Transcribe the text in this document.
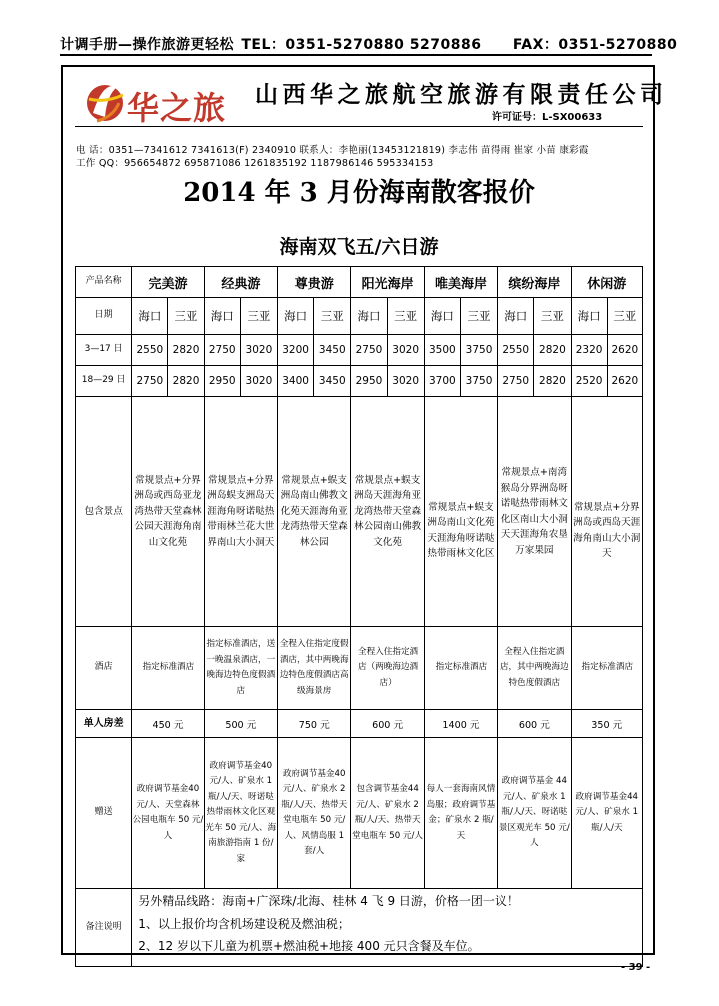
计调手册—操作旅游更轻松 TEL：0351-5270880 5270886 FAX：0351-5270880
华之旅 山西华之旅航空旅游有限责任公司
许可证号：L-SX00633
电 话：0351—7341612 7341613(F) 2340910 联系人：李艳丽(13453121819) 李志伟 苗得雨 崔家 小苗 康彩霞
工作 QQ：956654872 695871086 1261835192 1187986146 595334153
2014 年 3 月份海南散客报价
海南双飞五/六日游
产品名称	完美游		经典游		尊贵游		阳光海岸		唯美海岸		缤纷海岸		休闲游	
日期	海口	三亚	海口	三亚	海口	三亚	海口	三亚	海口	三亚	海口	三亚	海口	三亚
3—17 日	2550	2820	2750	3020	3200	3450	2750	3020	3500	3750	2550	2820	2320	2620
18—29 日	2750	2820	2950	3020	3400	3450	2950	3020	3700	3750	2750	2820	2520	2620
包含景点	常规景点+分界洲岛或西岛亚龙湾热带天堂森林公园天涯海角南山文化苑		常规景点+分界洲岛蜈支洲岛天涯海角呀诺哒热带雨林兰花大世界南山大小洞天		常规景点+蜈支洲岛南山佛教文化苑天涯海角亚龙湾热带天堂森林公园		常规景点+蜈支洲岛天涯海角亚龙湾热带天堂森林公园南山佛教文化苑		常规景点+蜈支洲岛南山文化苑天涯海角呀诺哒热带雨林文化区		常规景点+南湾猴岛分界洲岛呀诺哒热带雨林文化区南山大小洞天天涯海角农垦万家果园		常规景点+分界洲岛或西岛天涯海角南山大小洞天	
酒店	指定标准酒店		指定标准酒店，送一晚温泉酒店，一晚海边特色度假酒店		全程入住指定度假酒店，其中两晚海边特色度假酒店高级海景房		全程入住指定酒店（两晚海边酒店）		指定标准酒店		全程入住指定酒店，其中两晚海边特色度假酒店		指定标准酒店	
单人房差	450 元		500 元		750 元		600 元		1400 元		600 元		350 元	
赠送	政府调节基金40 元/人、天堂森林公园电瓶车 50 元/人		政府调节基金40 元/人、矿泉水 1 瓶/人/天、呀诺哒热带雨林文化区观光车 50 元/人、海南旅游指南 1 份/家		政府调节基金40 元/人、矿泉水 2 瓶/人/天、热带天堂电瓶车 50 元/人、风情岛服 1 套/人		包含调节基金44 元/人、矿泉水 2 瓶/人/天、热带天堂电瓶车 50 元/人		每人一套海南风情岛服；政府调节基金；矿泉水 2 瓶/天		政府调节基金 44 元/人、矿泉水 1 瓶/人/天、呀诺哒景区观光车 50 元/人		政府调节基金44 元/人、矿泉水 1 瓶/人/天	
备注说明	另外精品线路：海南+广深珠/北海、桂林 4 飞 9 日游，价格一团一议！
1、以上报价均含机场建设税及燃油税；
2、12 岁以下儿童为机票+燃油税+地接 400 元只含餐及车位。													
- 39 -
